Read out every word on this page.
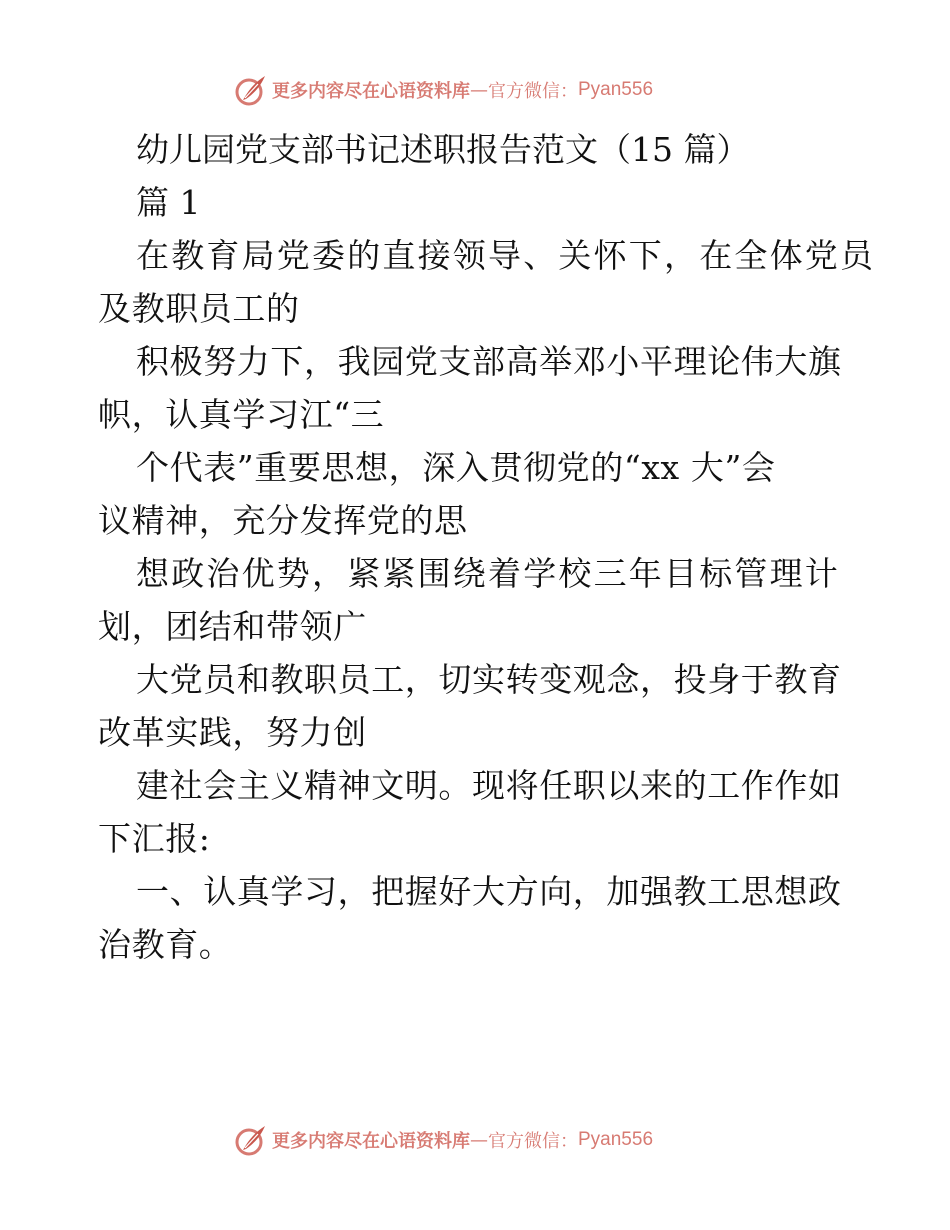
更多内容尽在心语资料库 — 官方微信： Pyan556

幼儿园党支部书记述职报告范文（15 篇）

篇 1

在教育局党委的直接领导、关怀下，在全体党员

及教职员工的

积极努力下，我园党支部高举邓小平理论伟大旗

帜，认真学习江“三

个代表”重要思想，深入贯彻党的“xx 大”会

议精神，充分发挥党的思

想政治优势，紧紧围绕着学校三年目标管理计

划，团结和带领广

大党员和教职员工，切实转变观念，投身于教育

改革实践，努力创

建社会主义精神文明。现将任职以来的工作作如

下汇报:

一、认真学习，把握好大方向，加强教工思想政

治教育。

更多内容尽在心语资料库 — 官方微信： Pyan556
